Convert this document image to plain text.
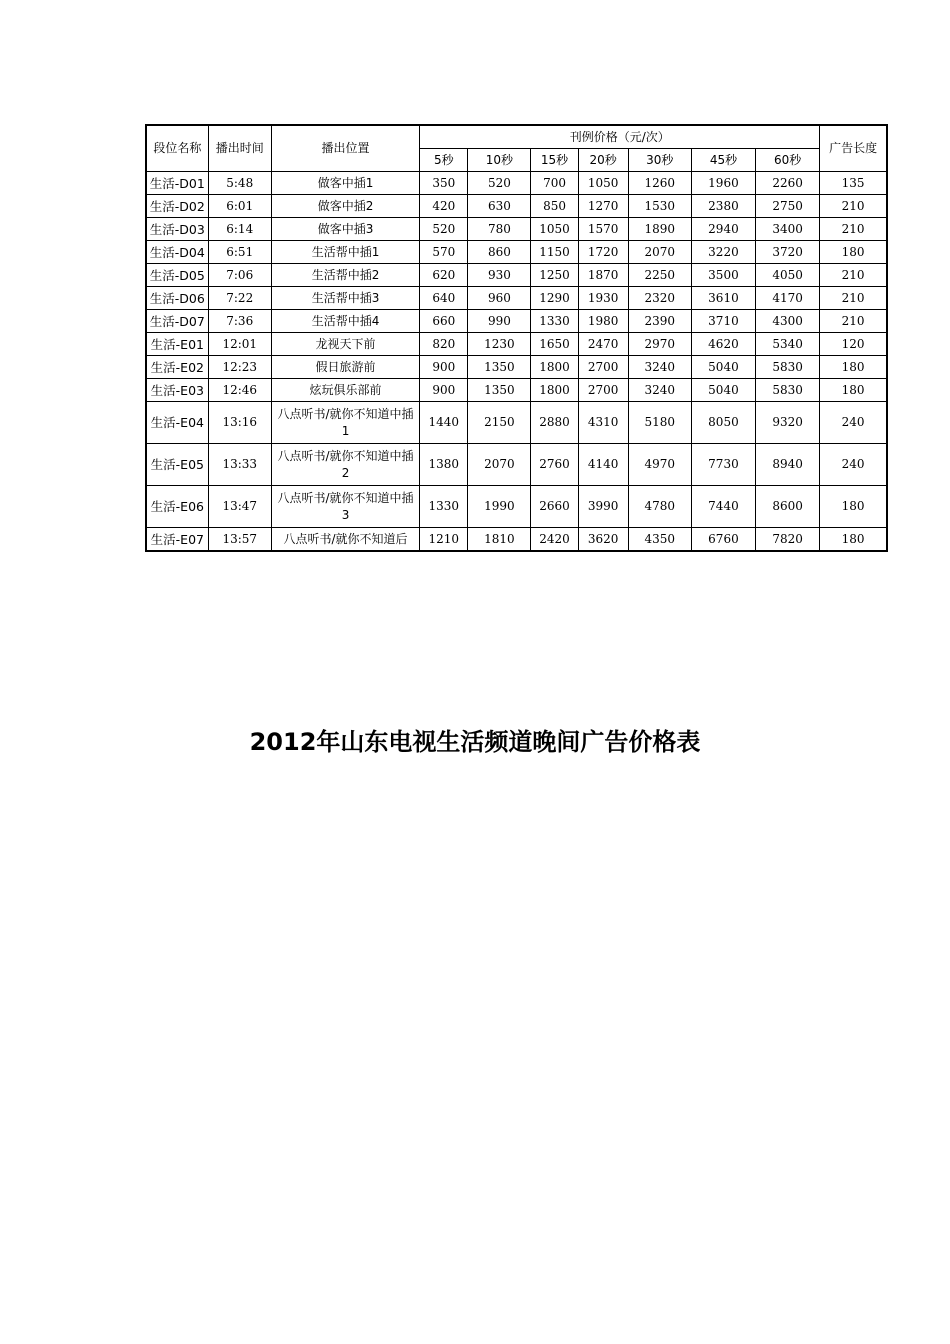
段位名称	播出时间	播出位置	刊例价格（元/次）							广告长度
			5秒	10秒	15秒	20秒	30秒	45秒	60秒	
生活-D01	5:48	做客中插1	350	520	700	1050	1260	1960	2260	135
生活-D02	6:01	做客中插2	420	630	850	1270	1530	2380	2750	210
生活-D03	6:14	做客中插3	520	780	1050	1570	1890	2940	3400	210
生活-D04	6:51	生活帮中插1	570	860	1150	1720	2070	3220	3720	180
生活-D05	7:06	生活帮中插2	620	930	1250	1870	2250	3500	4050	210
生活-D06	7:22	生活帮中插3	640	960	1290	1930	2320	3610	4170	210
生活-D07	7:36	生活帮中插4	660	990	1330	1980	2390	3710	4300	210
生活-E01	12:01	龙视天下前	820	1230	1650	2470	2970	4620	5340	120
生活-E02	12:23	假日旅游前	900	1350	1800	2700	3240	5040	5830	180
生活-E03	12:46	炫玩俱乐部前	900	1350	1800	2700	3240	5040	5830	180
生活-E04	13:16	八点听书/就你不知道中插1	1440	2150	2880	4310	5180	8050	9320	240
生活-E05	13:33	八点听书/就你不知道中插2	1380	2070	2760	4140	4970	7730	8940	240
生活-E06	13:47	八点听书/就你不知道中插3	1330	1990	2660	3990	4780	7440	8600	180
生活-E07	13:57	八点听书/就你不知道后	1210	1810	2420	3620	4350	6760	7820	180
2012年山东电视生活频道晚间广告价格表
